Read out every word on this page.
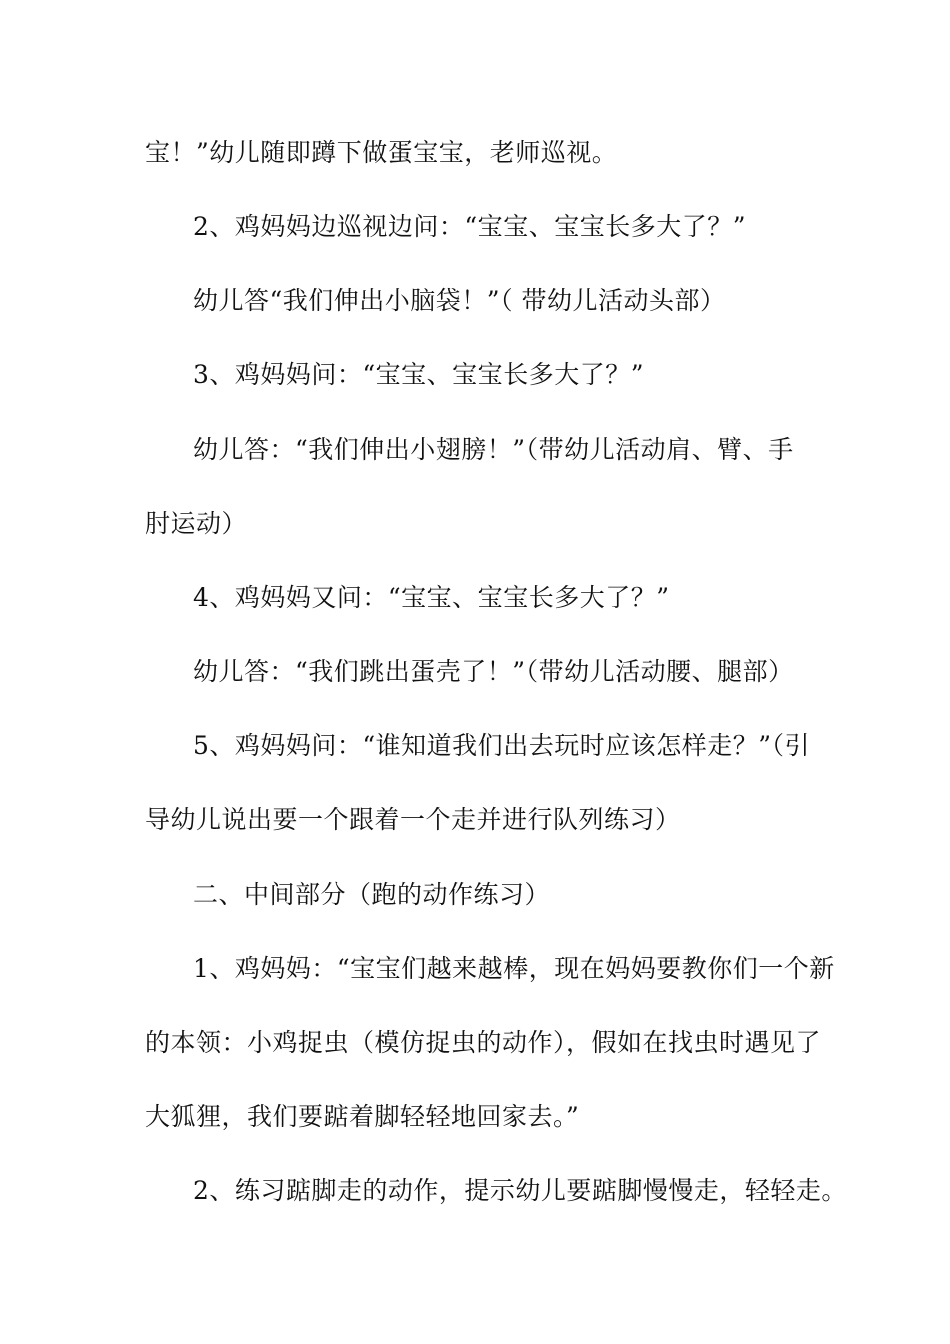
宝！”幼儿随即蹲下做蛋宝宝，老师巡视。
2、鸡妈妈边巡视边问：“宝宝、宝宝长多大了？”
幼儿答“我们伸出小脑袋！”（ 带幼儿活动头部）
3、鸡妈妈问：“宝宝、宝宝长多大了？”
幼儿答：“我们伸出小翅膀！”（带幼儿活动肩、臂、手
肘运动）
4、鸡妈妈又问：“宝宝、宝宝长多大了？”
幼儿答：“我们跳出蛋壳了！”（带幼儿活动腰、腿部）
5、鸡妈妈问：“谁知道我们出去玩时应该怎样走？”（引
导幼儿说出要一个跟着一个走并进行队列练习）
二、中间部分（跑的动作练习）
1、鸡妈妈：“宝宝们越来越棒，现在妈妈要教你们一个新
的本领：小鸡捉虫（模仿捉虫的动作），假如在找虫时遇见了
大狐狸，我们要踮着脚轻轻地回家去。”
2、练习踮脚走的动作，提示幼儿要踮脚慢慢走，轻轻走。
